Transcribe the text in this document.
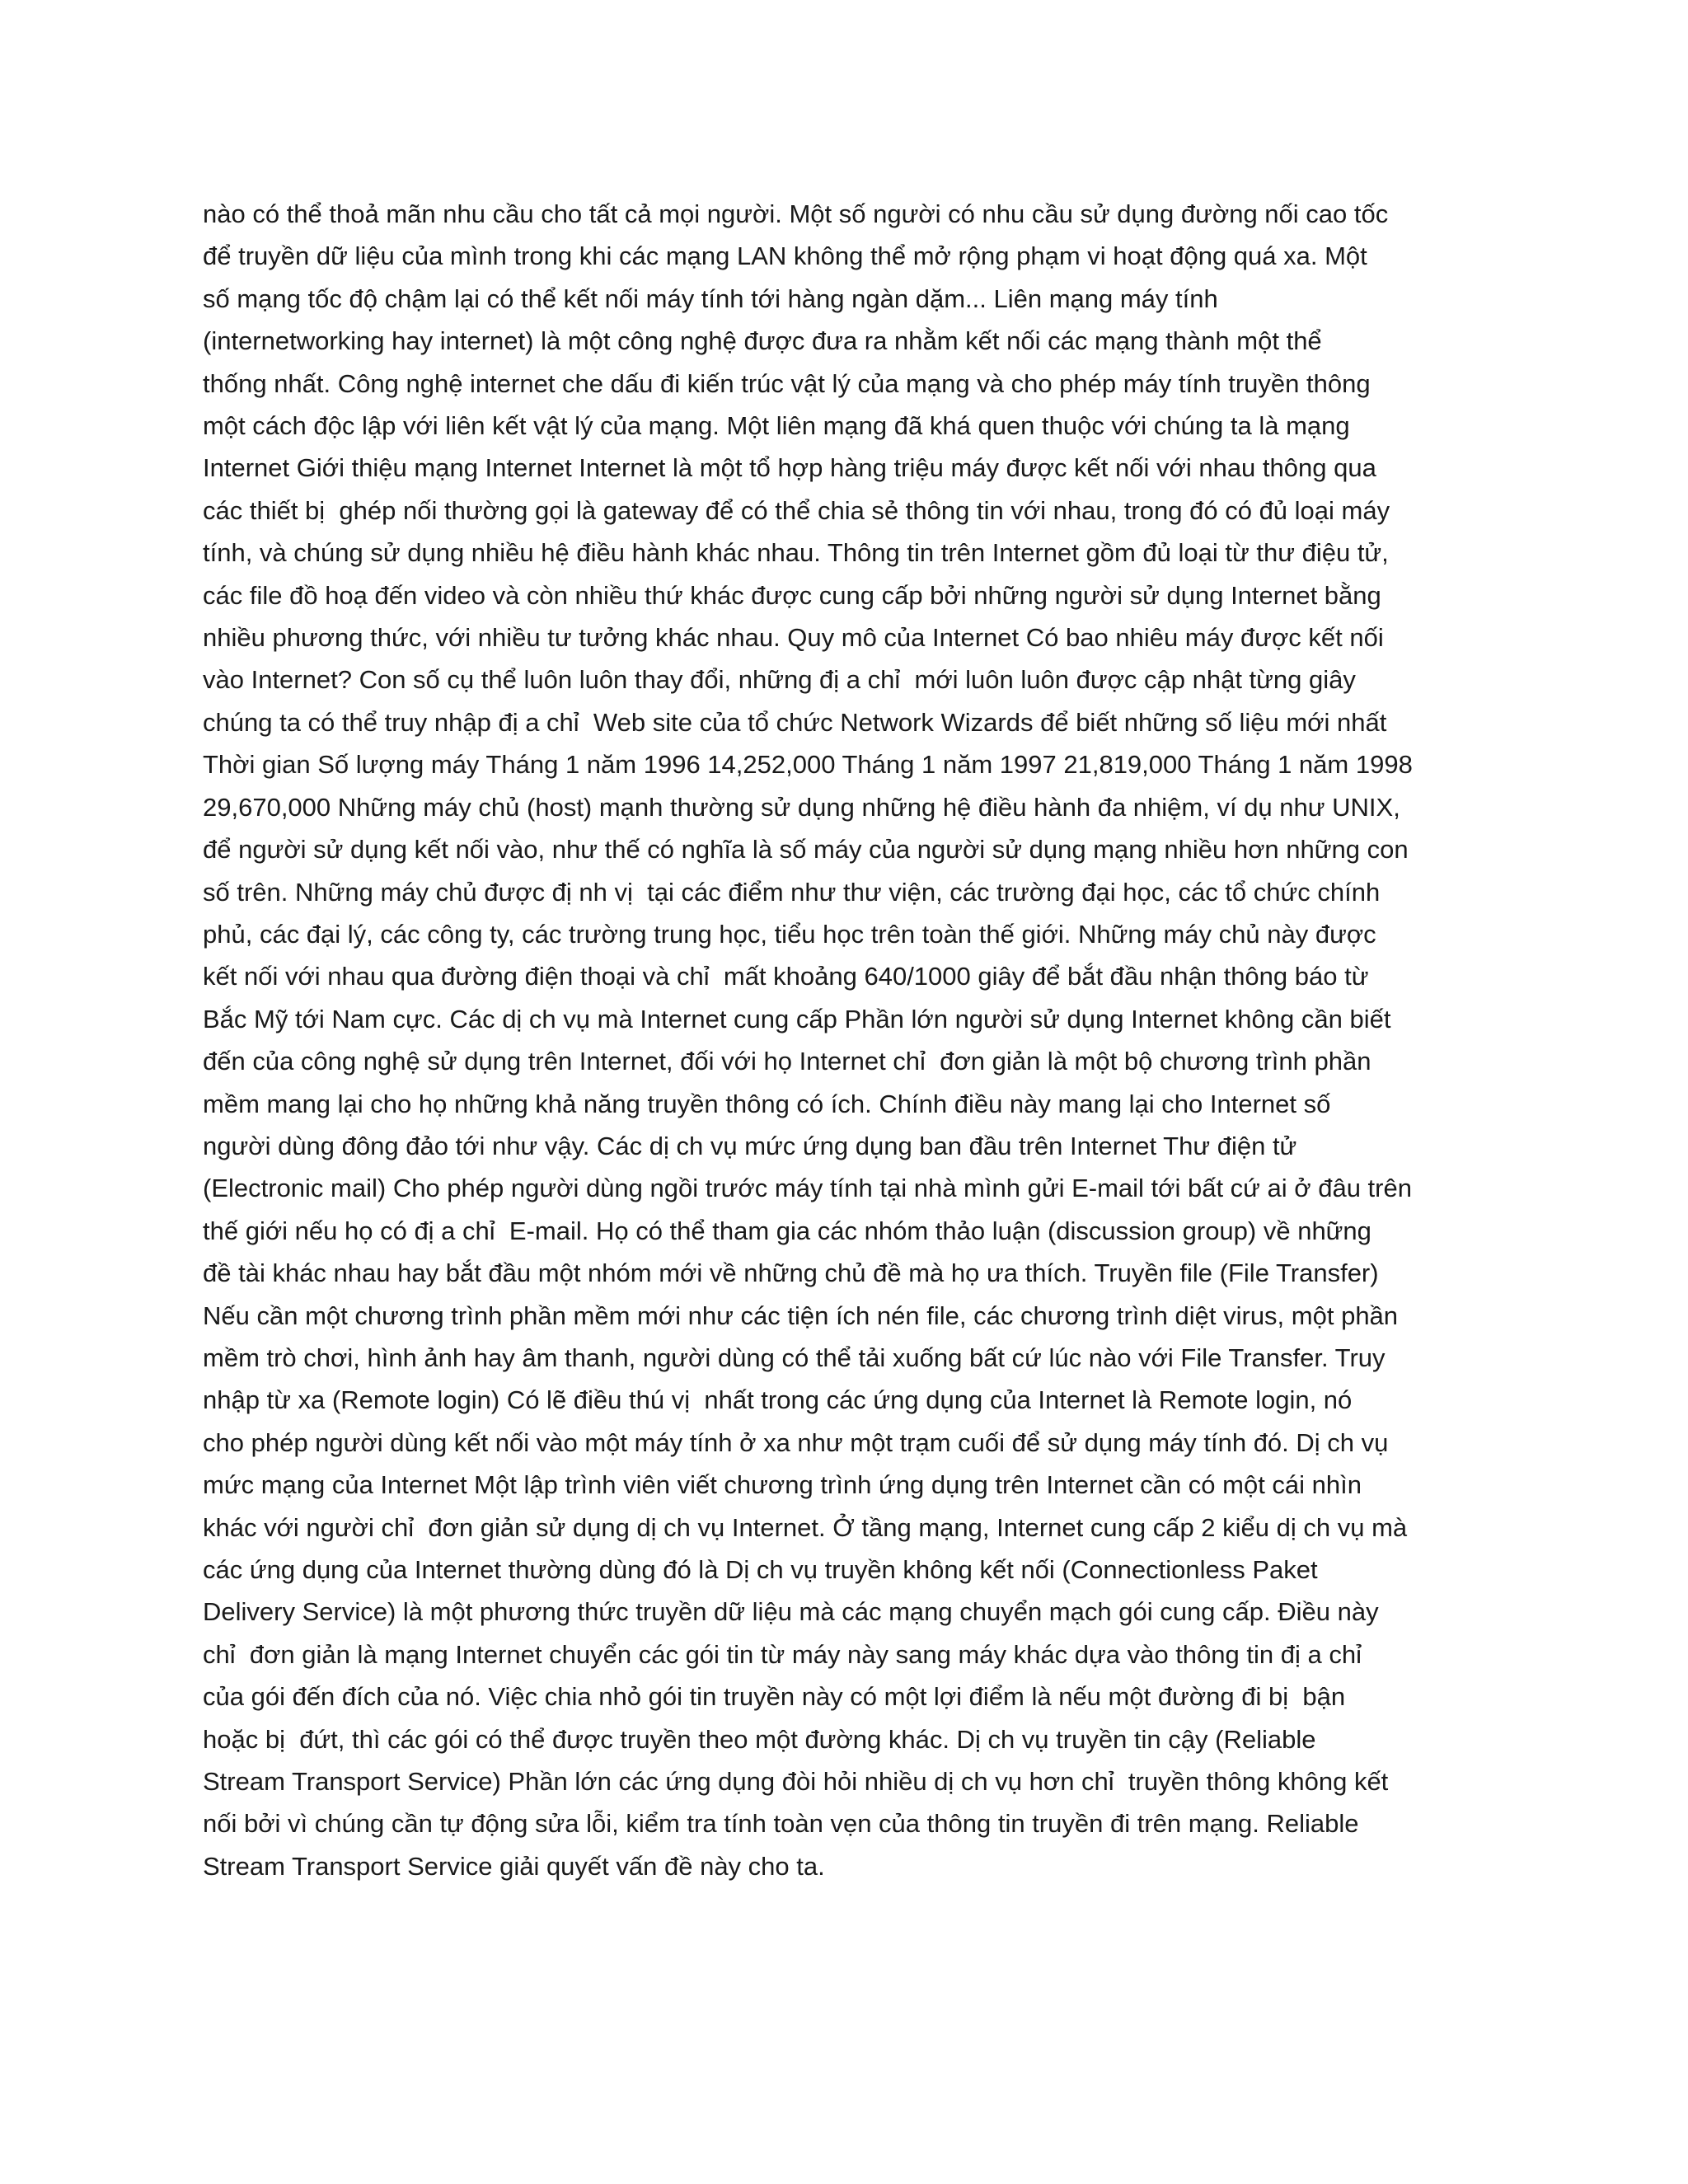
nào có thể thoả mãn nhu cầu cho tất cả mọi người. Một số người có nhu cầu sử dụng đường nối cao tốc
để truyền dữ liệu của mình trong khi các mạng LAN không thể mở rộng phạm vi hoạt động quá xa. Một
số mạng tốc độ chậm lại có thể kết nối máy tính tới hàng ngàn dặm... Liên mạng máy tính
(internetworking hay internet) là một công nghệ được đưa ra nhằm kết nối các mạng thành một thể
thống nhất. Công nghệ internet che dấu đi kiến trúc vật lý của mạng và cho phép máy tính truyền thông
một cách độc lập với liên kết vật lý của mạng. Một liên mạng đã khá quen thuộc với chúng ta là mạng
Internet Giới thiệu mạng Internet Internet là một tổ hợp hàng triệu máy được kết nối với nhau thông qua
các thiết bị  ghép nối thường gọi là gateway để có thể chia sẻ thông tin với nhau, trong đó có đủ loại máy
tính, và chúng sử dụng nhiều hệ điều hành khác nhau. Thông tin trên Internet gồm đủ loại từ thư điệu tử,
các file đồ hoạ đến video và còn nhiều thứ khác được cung cấp bởi những người sử dụng Internet bằng
nhiều phương thức, với nhiều tư tưởng khác nhau. Quy mô của Internet Có bao nhiêu máy được kết nối
vào Internet? Con số cụ thể luôn luôn thay đổi, những đị a chỉ  mới luôn luôn được cập nhật từng giây
chúng ta có thể truy nhập đị a chỉ  Web site của tổ chức Network Wizards để biết những số liệu mới nhất
Thời gian Số lượng máy Tháng 1 năm 1996 14,252,000 Tháng 1 năm 1997 21,819,000 Tháng 1 năm 1998
29,670,000 Những máy chủ (host) mạnh thường sử dụng những hệ điều hành đa nhiệm, ví dụ như UNIX,
để người sử dụng kết nối vào, như thế có nghĩa là số máy của người sử dụng mạng nhiều hơn những con
số trên. Những máy chủ được đị nh vị  tại các điểm như thư viện, các trường đại học, các tổ chức chính
phủ, các đại lý, các công ty, các trường trung học, tiểu học trên toàn thế giới. Những máy chủ này được
kết nối với nhau qua đường điện thoại và chỉ  mất khoảng 640/1000 giây để bắt đầu nhận thông báo từ
Bắc Mỹ tới Nam cực. Các dị ch vụ mà Internet cung cấp Phần lớn người sử dụng Internet không cần biết
đến của công nghệ sử dụng trên Internet, đối với họ Internet chỉ  đơn giản là một bộ chương trình phần
mềm mang lại cho họ những khả năng truyền thông có ích. Chính điều này mang lại cho Internet số
người dùng đông đảo tới như vậy. Các dị ch vụ mức ứng dụng ban đầu trên Internet Thư điện tử
(Electronic mail) Cho phép người dùng ngồi trước máy tính tại nhà mình gửi E-mail tới bất cứ ai ở đâu trên
thế giới nếu họ có đị a chỉ  E-mail. Họ có thể tham gia các nhóm thảo luận (discussion group) về những
đề tài khác nhau hay bắt đầu một nhóm mới về những chủ đề mà họ ưa thích. Truyền file (File Transfer)
Nếu cần một chương trình phần mềm mới như các tiện ích nén file, các chương trình diệt virus, một phần
mềm trò chơi, hình ảnh hay âm thanh, người dùng có thể tải xuống bất cứ lúc nào với File Transfer. Truy
nhập từ xa (Remote login) Có lẽ điều thú vị  nhất trong các ứng dụng của Internet là Remote login, nó
cho phép người dùng kết nối vào một máy tính ở xa như một trạm cuối để sử dụng máy tính đó. Dị ch vụ
mức mạng của Internet Một lập trình viên viết chương trình ứng dụng trên Internet cần có một cái nhìn
khác với người chỉ  đơn giản sử dụng dị ch vụ Internet. Ở tầng mạng, Internet cung cấp 2 kiểu dị ch vụ mà
các ứng dụng của Internet thường dùng đó là Dị ch vụ truyền không kết nối (Connectionless Paket
Delivery Service) là một phương thức truyền dữ liệu mà các mạng chuyển mạch gói cung cấp. Điều này
chỉ  đơn giản là mạng Internet chuyển các gói tin từ máy này sang máy khác dựa vào thông tin đị a chỉ
của gói đến đích của nó. Việc chia nhỏ gói tin truyền này có một lợi điểm là nếu một đường đi bị  bận
hoặc bị  đứt, thì các gói có thể được truyền theo một đường khác. Dị ch vụ truyền tin cậy (Reliable
Stream Transport Service) Phần lớn các ứng dụng đòi hỏi nhiều dị ch vụ hơn chỉ  truyền thông không kết
nối bởi vì chúng cần tự động sửa lỗi, kiểm tra tính toàn vẹn của thông tin truyền đi trên mạng. Reliable
Stream Transport Service giải quyết vấn đề này cho ta.
